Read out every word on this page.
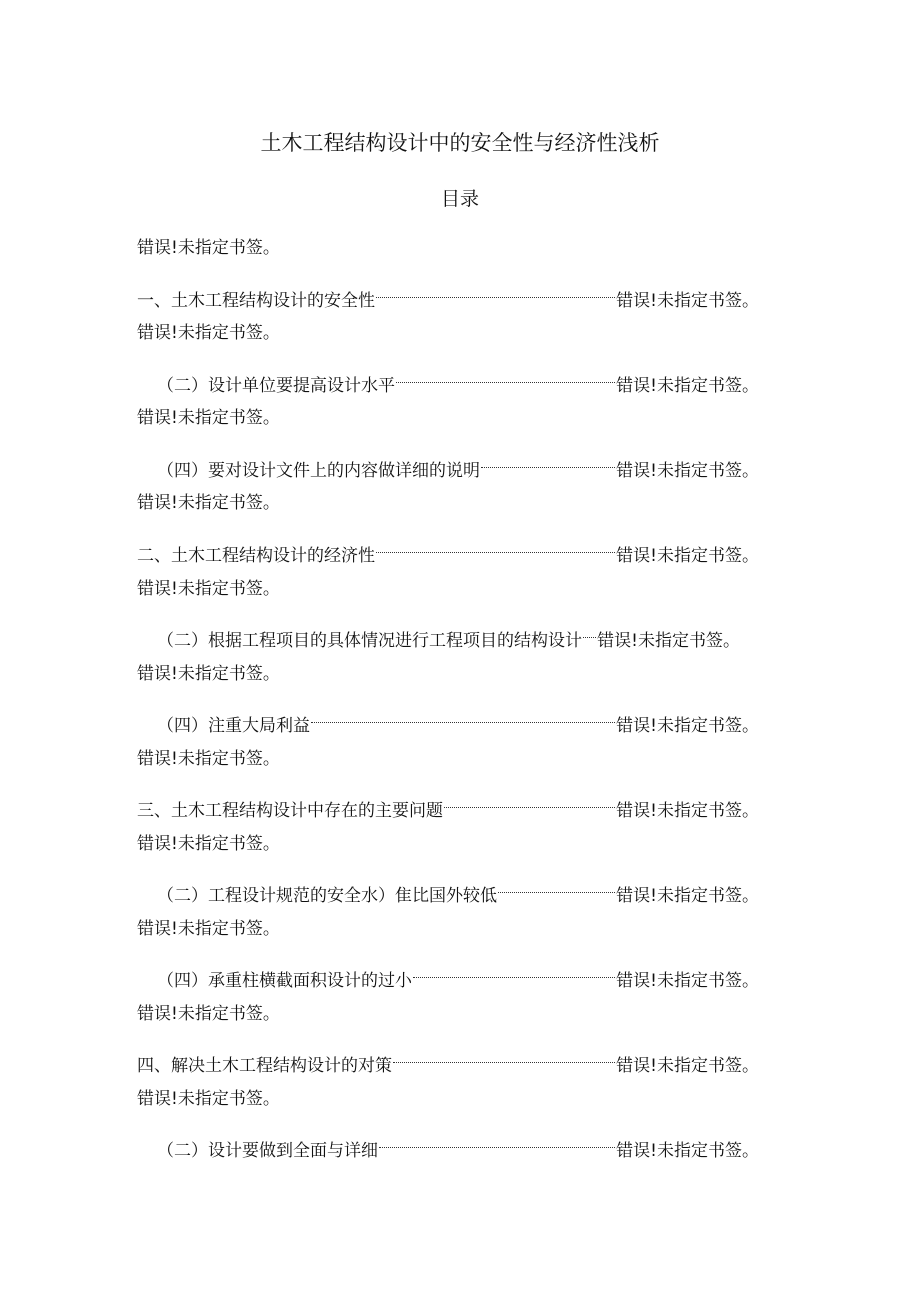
土木工程结构设计中的安全性与经济性浅析
目录
错误!未指定书签。
一、土木工程结构设计的安全性	错误!未指定书签。
错误!未指定书签。
（二）设计单位要提高设计水平	错误!未指定书签。
错误!未指定书签。
（四）要对设计文件上的内容做详细的说明	错误!未指定书签。
错误!未指定书签。
二、土木工程结构设计的经济性	错误!未指定书签。
错误!未指定书签。
（二）根据工程项目的具体情况进行工程项目的结构设计 错误!未指定书签。
错误!未指定书签。
（四）注重大局利益	错误!未指定书签。
错误!未指定书签。
三、土木工程结构设计中存在的主要问题	错误!未指定书签。
错误!未指定书签。
（二）工程设计规范的安全水）隹比国外较低	错误!未指定书签。
错误!未指定书签。
（四）承重柱横截面积设计的过小	错误!未指定书签。
错误!未指定书签。
四、解决土木工程结构设计的对策	错误!未指定书签。
错误!未指定书签。
（二）设计要做到全面与详细	错误!未指定书签。
